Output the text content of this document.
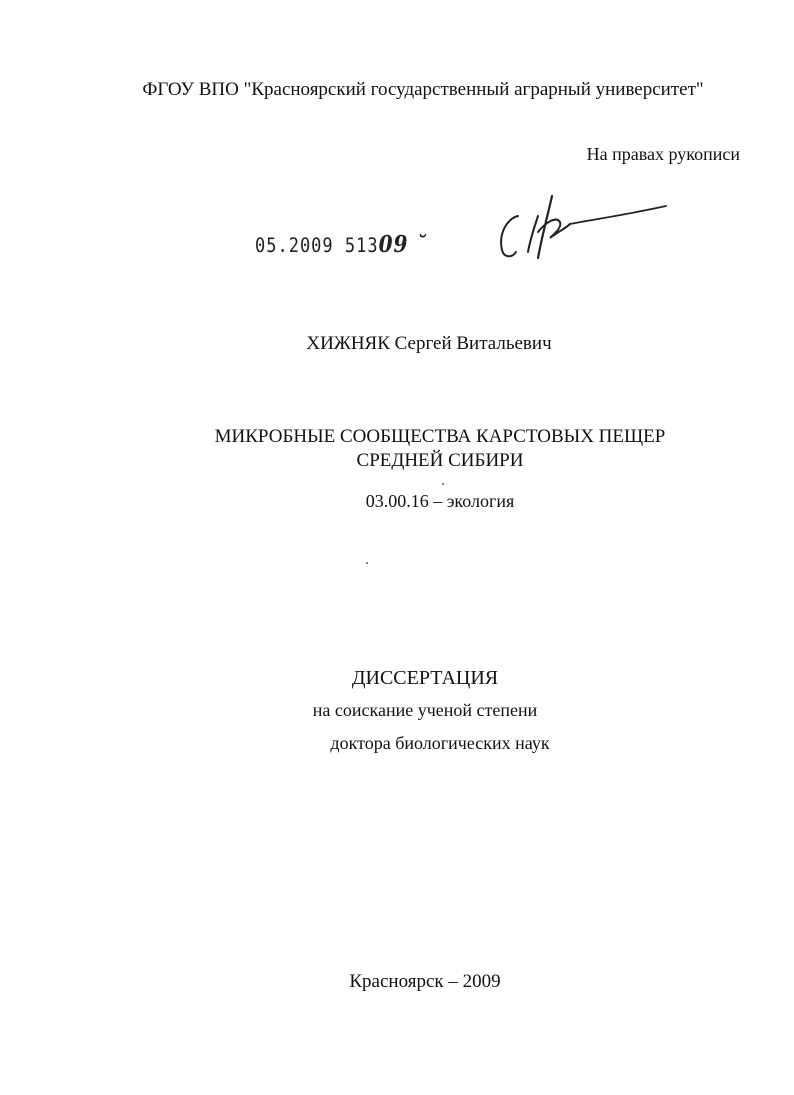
ФГОУ ВПО "Красноярский государственный аграрный университет"
На правах рукописи
05.2009 51309 ˘
ХИЖНЯК Сергей Витальевич
МИКРОБНЫЕ СООБЩЕСТВА КАРСТОВЫХ ПЕЩЕР
СРЕДНЕЙ СИБИРИ
03.00.16 – экология
ДИССЕРТАЦИЯ
на соискание ученой степени
доктора биологических наук
Красноярск – 2009
